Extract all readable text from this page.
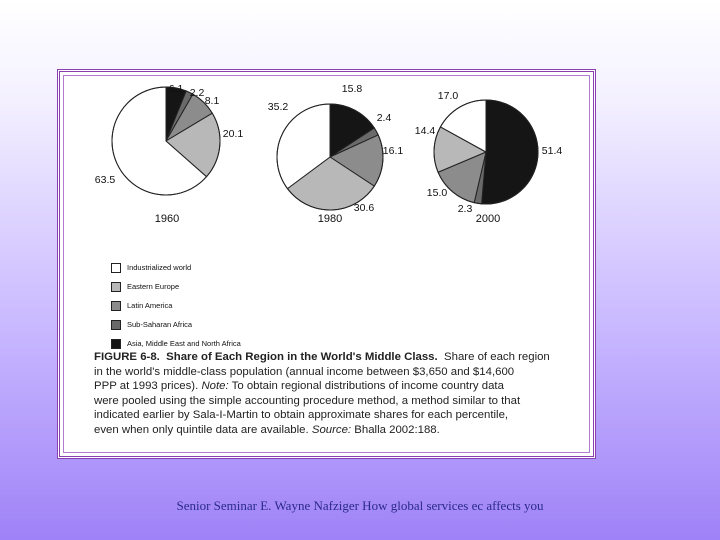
6.1 2.2
8.1
20.1
63.5
1960
15.8
2.4
16.1
30.6
35.2
1980
51.4
2.3
15.0
14.4
17.0
2000
Industrialized world
Eastern Europe
Latin America
Sub-Saharan Africa
Asia, Middle East and North Africa
FIGURE 6-8. Share of Each Region in the World's Middle Class. Share of each region
in the world's middle-class population (annual income between $3,650 and $14,600
PPP at 1993 prices). Note: To obtain regional distributions of income country data
were pooled using the simple accounting procedure method, a method similar to that
indicated earlier by Sala-I-Martin to obtain approximate shares for each percentile,
even when only quintile data are available. Source: Bhalla 2002:188.
Senior Seminar E. Wayne Nafziger How global services ec affects you
